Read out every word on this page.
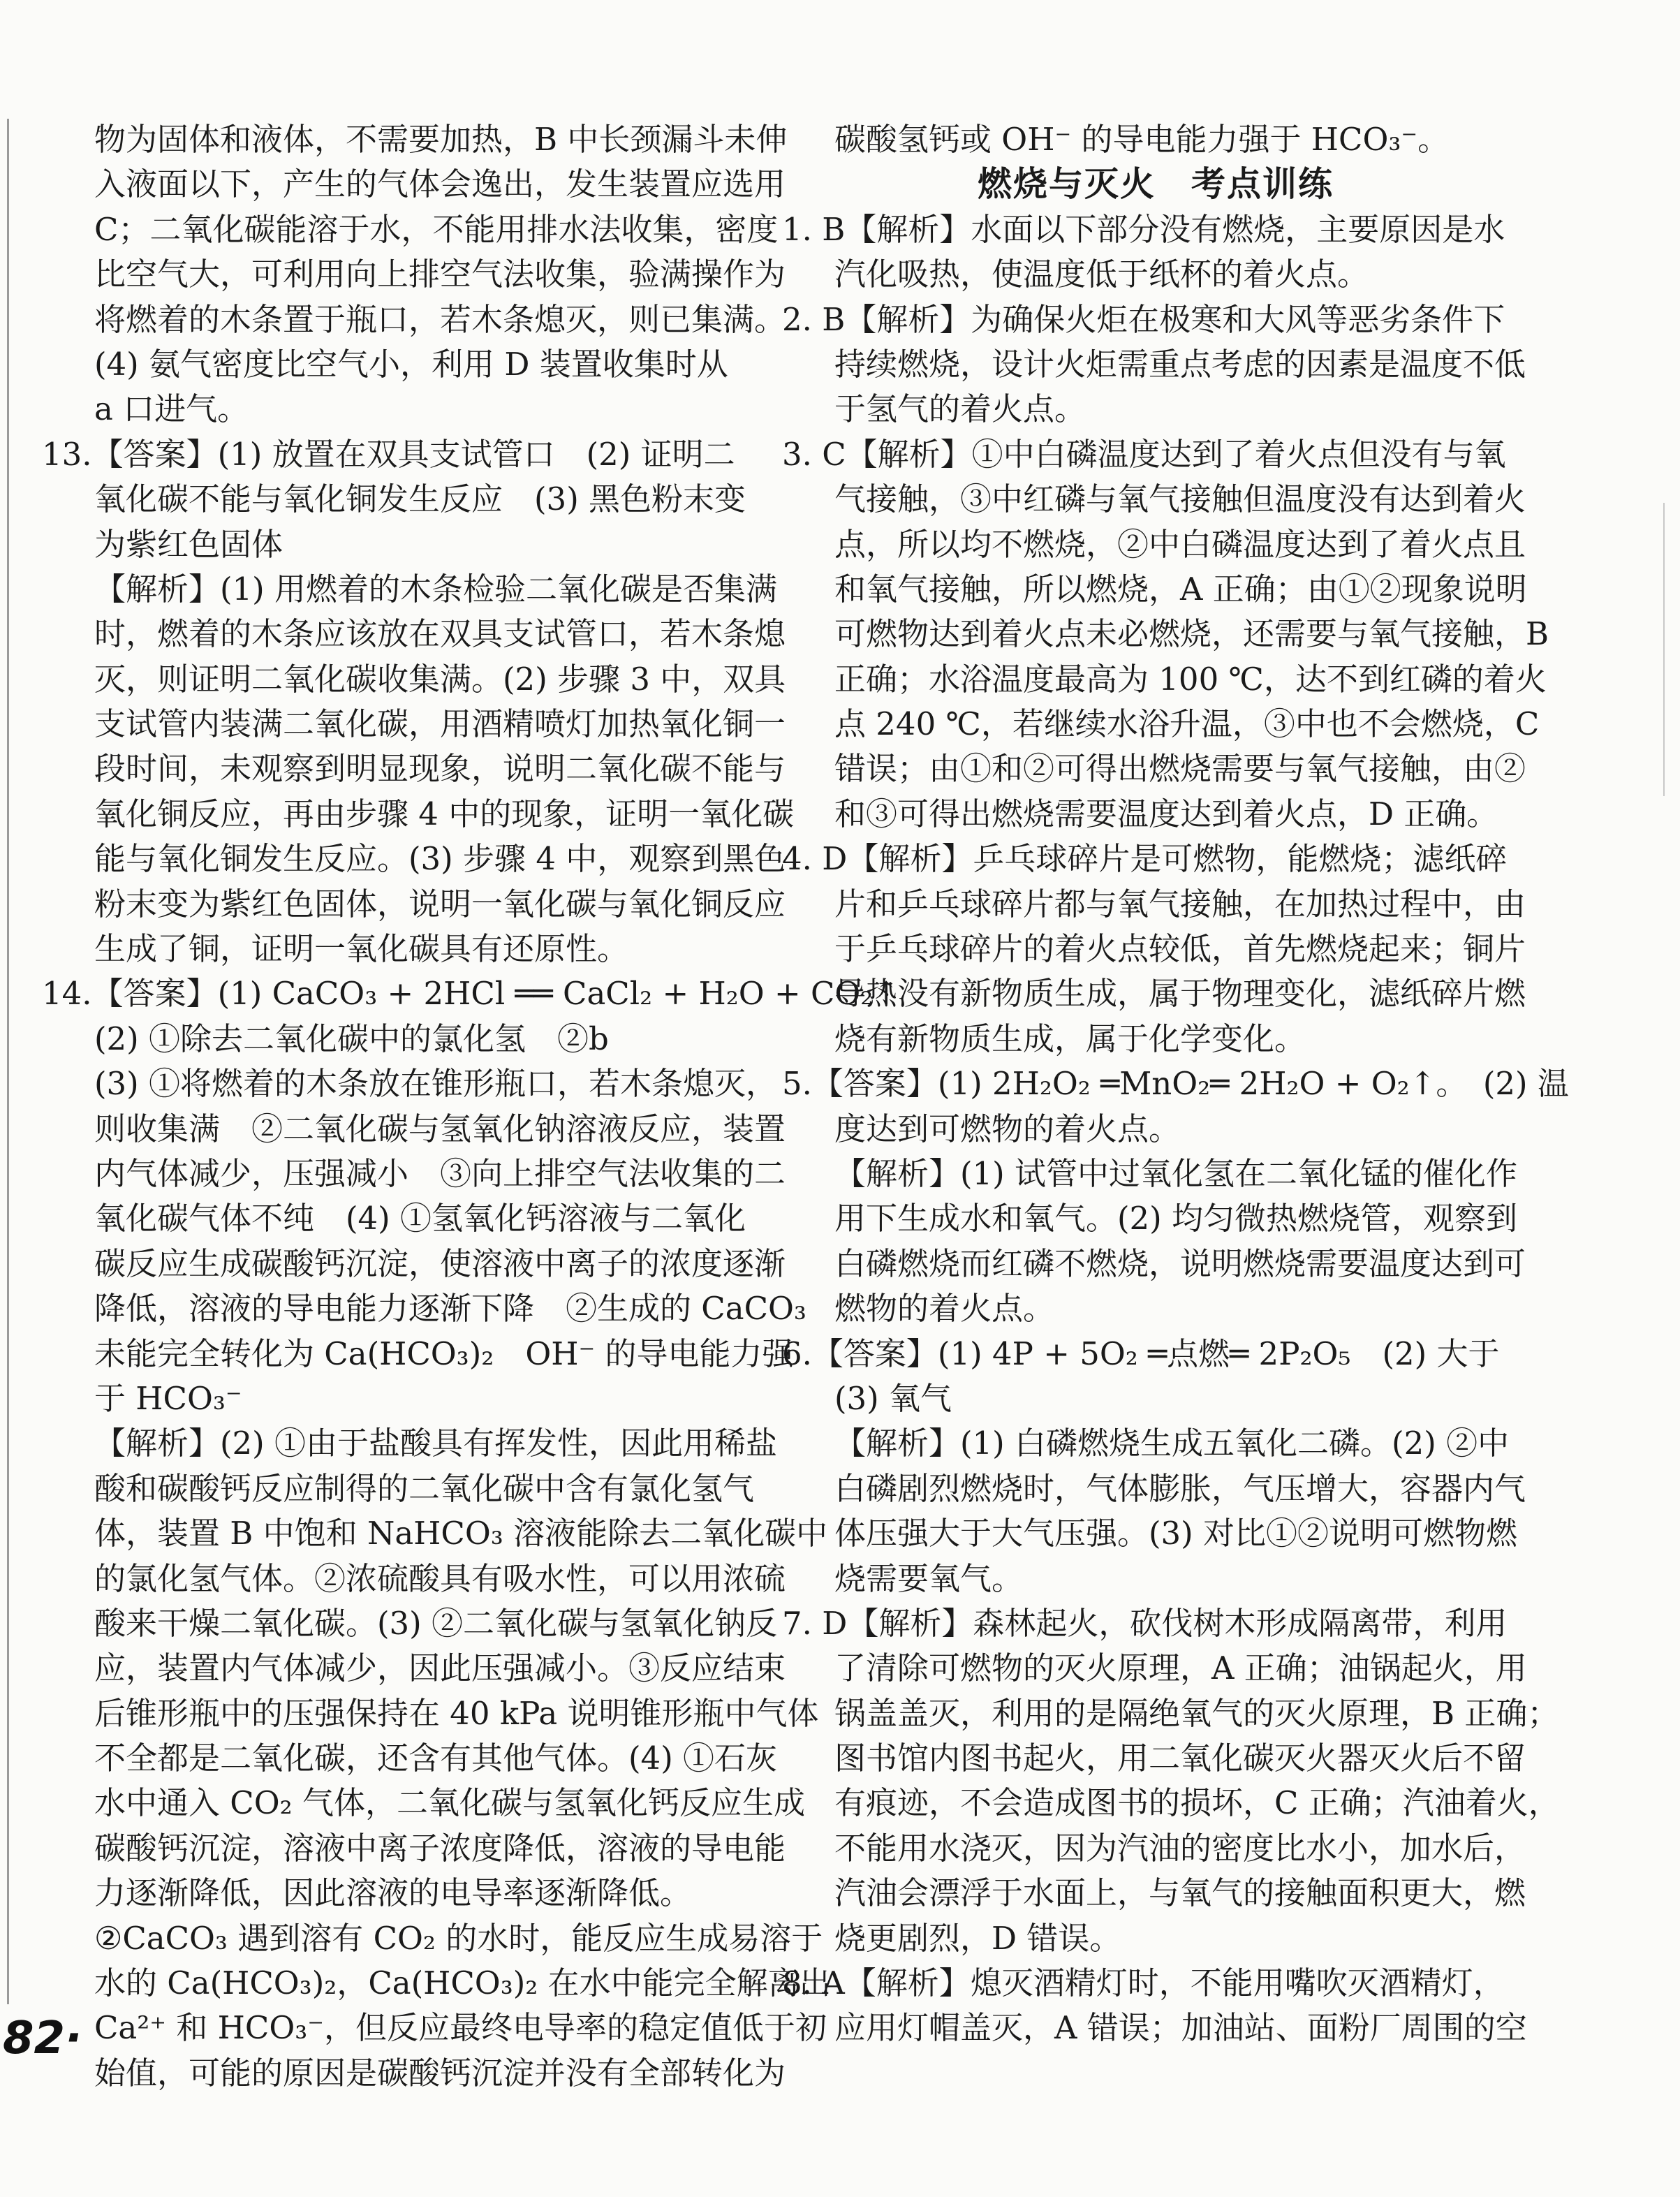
物为固体和液体，不需要加热，B 中长颈漏斗未伸
入液面以下，产生的气体会逸出，发生装置应选用
C；二氧化碳能溶于水，不能用排水法收集，密度
比空气大，可利用向上排空气法收集，验满操作为
将燃着的木条置于瓶口，若木条熄灭，则已集满。
(4) 氨气密度比空气小，利用 D 装置收集时从
a 口进气。
13.【答案】(1) 放置在双具支试管口　(2) 证明二
氧化碳不能与氧化铜发生反应　(3) 黑色粉末变
为紫红色固体
【解析】(1) 用燃着的木条检验二氧化碳是否集满
时，燃着的木条应该放在双具支试管口，若木条熄
灭，则证明二氧化碳收集满。(2) 步骤 3 中，双具
支试管内装满二氧化碳，用酒精喷灯加热氧化铜一
段时间，未观察到明显现象，说明二氧化碳不能与
氧化铜反应，再由步骤 4 中的现象，证明一氧化碳
能与氧化铜发生反应。(3) 步骤 4 中，观察到黑色
粉末变为紫红色固体，说明一氧化碳与氧化铜反应
生成了铜，证明一氧化碳具有还原性。
14.【答案】(1) CaCO₃ + 2HCl ══ CaCl₂ + H₂O + CO₂↑
(2) ①除去二氧化碳中的氯化氢　②b
(3) ①将燃着的木条放在锥形瓶口，若木条熄灭，
则收集满　②二氧化碳与氢氧化钠溶液反应，装置
内气体减少，压强减小　③向上排空气法收集的二
氧化碳气体不纯　(4) ①氢氧化钙溶液与二氧化
碳反应生成碳酸钙沉淀，使溶液中离子的浓度逐渐
降低，溶液的导电能力逐渐下降　②生成的 CaCO₃
未能完全转化为 Ca(HCO₃)₂　OH⁻ 的导电能力强
于 HCO₃⁻
【解析】(2) ①由于盐酸具有挥发性，因此用稀盐
酸和碳酸钙反应制得的二氧化碳中含有氯化氢气
体，装置 B 中饱和 NaHCO₃ 溶液能除去二氧化碳中
的氯化氢气体。②浓硫酸具有吸水性，可以用浓硫
酸来干燥二氧化碳。(3) ②二氧化碳与氢氧化钠反
应，装置内气体减少，因此压强减小。③反应结束
后锥形瓶中的压强保持在 40 kPa 说明锥形瓶中气体
不全都是二氧化碳，还含有其他气体。(4) ①石灰
水中通入 CO₂ 气体，二氧化碳与氢氧化钙反应生成
碳酸钙沉淀，溶液中离子浓度降低，溶液的导电能
力逐渐降低，因此溶液的电导率逐渐降低。
②CaCO₃ 遇到溶有 CO₂ 的水时，能反应生成易溶于
水的 Ca(HCO₃)₂，Ca(HCO₃)₂ 在水中能完全解离出
Ca²⁺ 和 HCO₃⁻，但反应最终电导率的稳定值低于初
始值，可能的原因是碳酸钙沉淀并没有全部转化为
碳酸氢钙或 OH⁻ 的导电能力强于 HCO₃⁻。
燃烧与灭火　考点训练
1. B【解析】水面以下部分没有燃烧，主要原因是水
汽化吸热，使温度低于纸杯的着火点。
2. B【解析】为确保火炬在极寒和大风等恶劣条件下
持续燃烧，设计火炬需重点考虑的因素是温度不低
于氢气的着火点。
3. C【解析】①中白磷温度达到了着火点但没有与氧
气接触，③中红磷与氧气接触但温度没有达到着火
点，所以均不燃烧，②中白磷温度达到了着火点且
和氧气接触，所以燃烧，A 正确；由①②现象说明
可燃物达到着火点未必燃烧，还需要与氧气接触，B
正确；水浴温度最高为 100 ℃，达不到红磷的着火
点 240 ℃，若继续水浴升温，③中也不会燃烧，C
错误；由①和②可得出燃烧需要与氧气接触，由②
和③可得出燃烧需要温度达到着火点，D 正确。
4. D【解析】乒乓球碎片是可燃物，能燃烧；滤纸碎
片和乒乓球碎片都与氧气接触，在加热过程中，由
于乒乓球碎片的着火点较低，首先燃烧起来；铜片
导热没有新物质生成，属于物理变化，滤纸碎片燃
烧有新物质生成，属于化学变化。
5.【答案】(1) 2H₂O₂ ═MnO₂═ 2H₂O + O₂↑。　(2) 温
度达到可燃物的着火点。
【解析】(1) 试管中过氧化氢在二氧化锰的催化作
用下生成水和氧气。(2) 均匀微热燃烧管，观察到
白磷燃烧而红磷不燃烧，说明燃烧需要温度达到可
燃物的着火点。
6.【答案】(1) 4P + 5O₂ ═点燃═ 2P₂O₅　(2) 大于
(3) 氧气
【解析】(1) 白磷燃烧生成五氧化二磷。(2) ②中
白磷剧烈燃烧时，气体膨胀，气压增大，容器内气
体压强大于大气压强。(3) 对比①②说明可燃物燃
烧需要氧气。
7. D【解析】森林起火，砍伐树木形成隔离带，利用
了清除可燃物的灭火原理，A 正确；油锅起火，用
锅盖盖灭，利用的是隔绝氧气的灭火原理，B 正确；
图书馆内图书起火，用二氧化碳灭火器灭火后不留
有痕迹，不会造成图书的损坏，C 正确；汽油着火，
不能用水浇灭，因为汽油的密度比水小，加水后，
汽油会漂浮于水面上，与氧气的接触面积更大，燃
烧更剧烈，D 错误。
8. A【解析】熄灭酒精灯时，不能用嘴吹灭酒精灯，
应用灯帽盖灭，A 错误；加油站、面粉厂周围的空
82·
